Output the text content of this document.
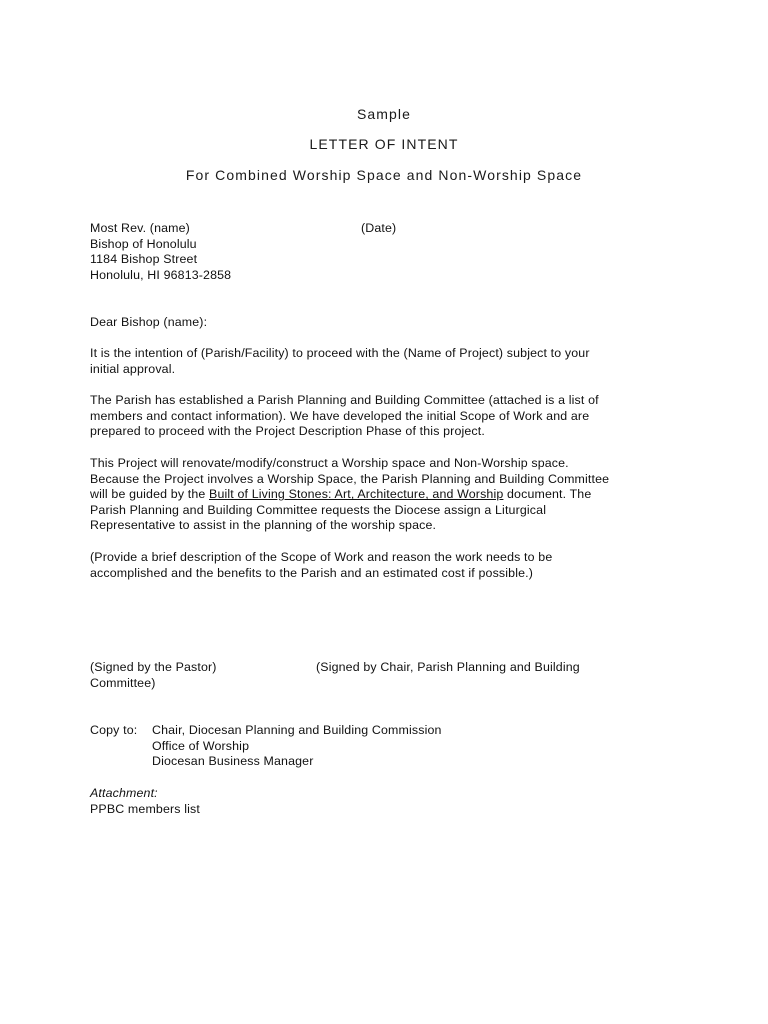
Sample
LETTER OF INTENT
For Combined Worship Space and Non-Worship Space
Most Rev. (name)
Bishop of Honolulu
1184 Bishop Street
Honolulu, HI 96813-2858
(Date)
Dear Bishop (name):
It is the intention of (Parish/Facility) to proceed with the (Name of Project) subject to your
initial approval.
The Parish has established a Parish Planning and Building Committee (attached is a list of
members and contact information). We have developed the initial Scope of Work and are
prepared to proceed with the Project Description Phase of this project.
This Project will renovate/modify/construct a Worship space and Non-Worship space.
Because the Project involves a Worship Space, the Parish Planning and Building Committee
will be guided by the Built of Living Stones: Art, Architecture, and Worship document. The
Parish Planning and Building Committee requests the Diocese assign a Liturgical
Representative to assist in the planning of the worship space.
(Provide a brief description of the Scope of Work and reason the work needs to be
accomplished and the benefits to the Parish and an estimated cost if possible.)
(Signed by the Pastor)	(Signed by Chair, Parish Planning and Building
Committee)
Copy to: Chair, Diocesan Planning and Building Commission
Office of Worship
Diocesan Business Manager
Attachment:
PPBC members list
